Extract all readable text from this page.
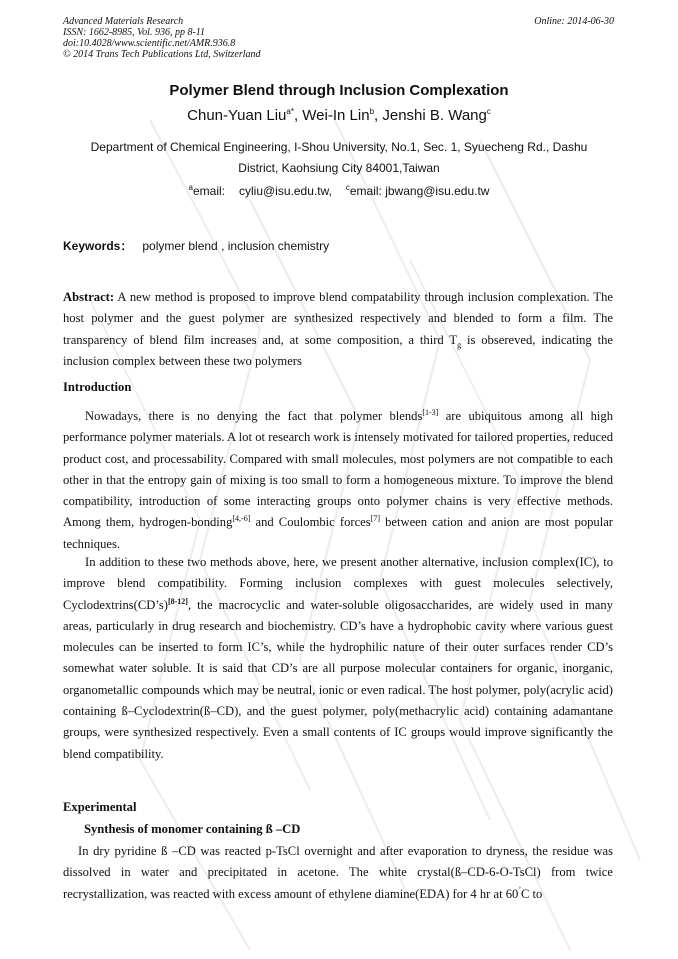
Advanced Materials Research
ISSN: 1662-8985, Vol. 936, pp 8-11
doi:10.4028/www.scientific.net/AMR.936.8
© 2014 Trans Tech Publications Ltd, Switzerland
Online: 2014-06-30
Polymer Blend through Inclusion Complexation
Chun-Yuan Liu$^{a*}$, Wei-In Lin$^b$, Jenshi B. Wang$^c$
Department of Chemical Engineering, I-Shou University, No.1, Sec. 1, Syuecheng Rd., Dashu
District, Kaohsiung City 84001,Taiwan
$^a$email: cyliu@isu.edu.tw, $^c$email: jbwang@isu.edu.tw
Keywords： polymer blend , inclusion chemistry
Abstract: A new method is proposed to improve blend compatability through inclusion complexation. The host polymer and the guest polymer are synthesized respectively and blended to form a film. The transparency of blend film increases and, at some composition, a third $T_g$ is obsereved, indicating the inclusion complex between these two polymers
Introduction
Nowadays, there is no denying the fact that polymer blends[1-3] are ubiquitous among all high performance polymer materials. A lot ot research work is intensely motivated for tailored properties, reduced product cost, and processability. Compared with small molecules, most polymers are not compatible to each other in that the entropy gain of mixing is too small to form a homogeneous mixture. To improve the blend compatibility, introduction of some interacting groups onto polymer chains is very effective methods. Among them, hydrogen-bonding[4,-6] and Coulombic forces[7] between cation and anion are most popular techniques.
In addition to these two methods above, here, we present another alternative, inclusion complex(IC), to improve blend compatibility. Forming inclusion complexes with guest molecules selectively, Cyclodextrins(CD’s)[8-12], the macrocyclic and water-soluble oligosaccharides, are widely used in many areas, particularly in drug research and biochemistry. CD’s have a hydrophobic cavity where various guest molecules can be inserted to form IC’s, while the hydrophilic nature of their outer surfaces render CD’s somewhat water soluble. It is said that CD’s are all purpose molecular containers for organic, inorganic, organometallic compounds which may be neutral, ionic or even radical. The host polymer, poly(acrylic acid) containing ß–Cyclodextrin(ß–CD), and the guest polymer, poly(methacrylic acid) containing adamantane groups, were synthesized respectively. Even a small contents of IC groups would improve significantly the blend compatibility.
Experimental
Synthesis of monomer containing ß –CD
In dry pyridine ß –CD was reacted p-TsCl overnight and after evaporation to dryness, the residue was dissolved in water and precipitated in acetone. The white crystal(ß–CD-6-O-TsCl) from twice recrystallization, was reacted with excess amount of ethylene diamine(EDA) for 4 hr at 60˚C to
